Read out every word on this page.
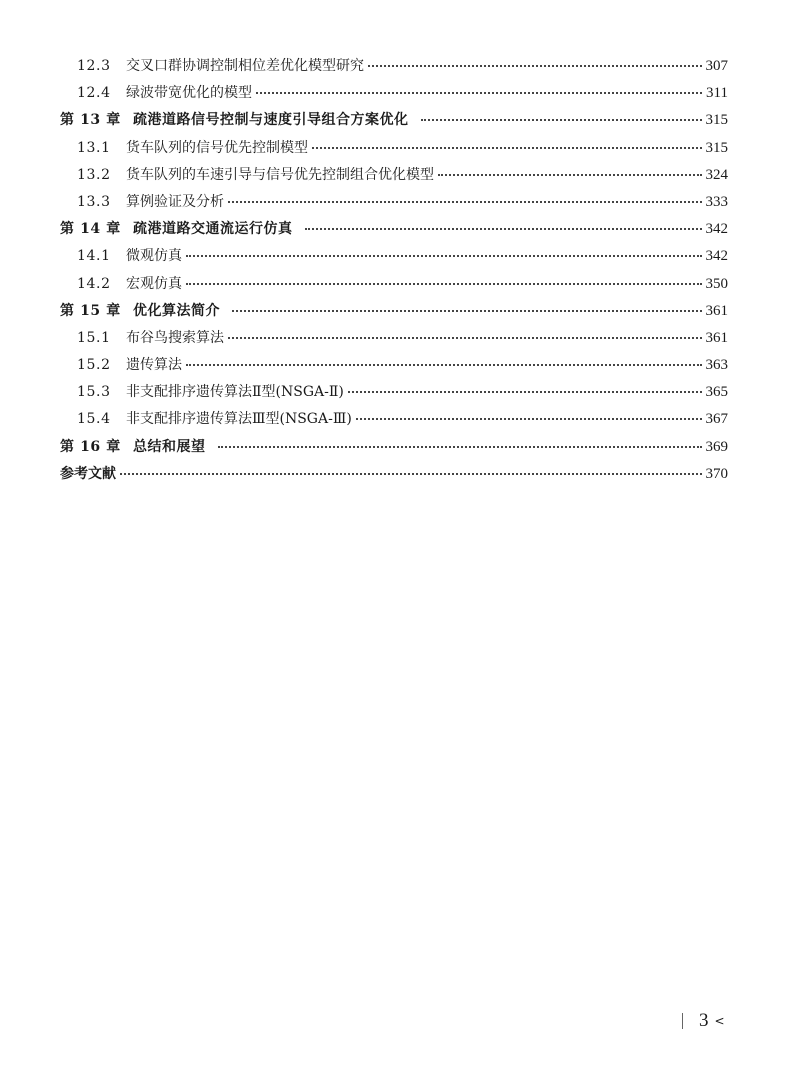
12.3	交叉口群协调控制相位差优化模型研究	307
12.4	绿波带宽优化的模型	311
第 13 章 疏港道路信号控制与速度引导组合方案优化	315
13.1	货车队列的信号优先控制模型	315
13.2	货车队列的车速引导与信号优先控制组合优化模型	324
13.3	算例验证及分析	333
第 14 章 疏港道路交通流运行仿真	342
14.1	微观仿真	342
14.2	宏观仿真	350
第 15 章 优化算法简介	361
15.1	布谷鸟搜索算法	361
15.2	遗传算法	363
15.3	非支配排序遗传算法Ⅱ型(NSGA-Ⅱ)	365
15.4	非支配排序遗传算法Ⅲ型(NSGA-Ⅲ)	367
第 16 章 总结和展望	369
参考文献	370
3 <
